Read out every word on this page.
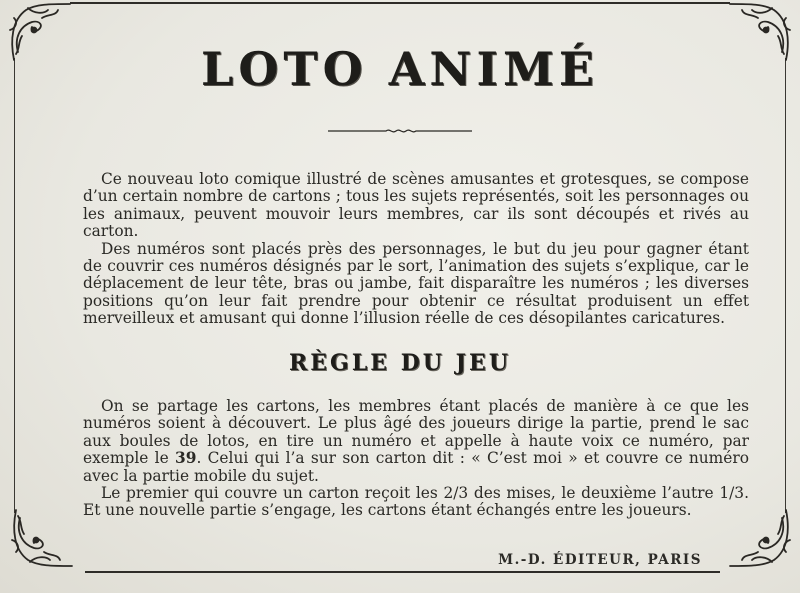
LOTO ANIMÉ

Ce nouveau loto comique illustré de scènes amusantes et grotesques, se compose d’un certain nombre de cartons ; tous les sujets représentés, soit les personnages ou les animaux, peuvent mouvoir leurs membres, car ils sont découpés et rivés au carton.

Des numéros sont placés près des personnages, le but du jeu pour gagner étant de couvrir ces numéros désignés par le sort, l’animation des sujets s’explique, car le déplacement de leur tête, bras ou jambe, fait disparaître les numéros ; les diverses positions qu’on leur fait prendre pour obtenir ce résultat produisent un effet merveilleux et amusant qui donne l’illusion réelle de ces désopilantes caricatures.

RÈGLE DU JEU

On se partage les cartons, les membres étant placés de manière à ce que les numéros soient à découvert. Le plus âgé des joueurs dirige la partie, prend le sac aux boules de lotos, en tire un numéro et appelle à haute voix ce numéro, par exemple le 39. Celui qui l’a sur son carton dit : « C’est moi » et couvre ce numéro avec la partie mobile du sujet.

Le premier qui couvre un carton reçoit les 2/3 des mises, le deuxième l’autre 1/3. Et une nouvelle partie s’engage, les cartons étant échangés entre les joueurs.

M.-D. ÉDITEUR, PARIS
